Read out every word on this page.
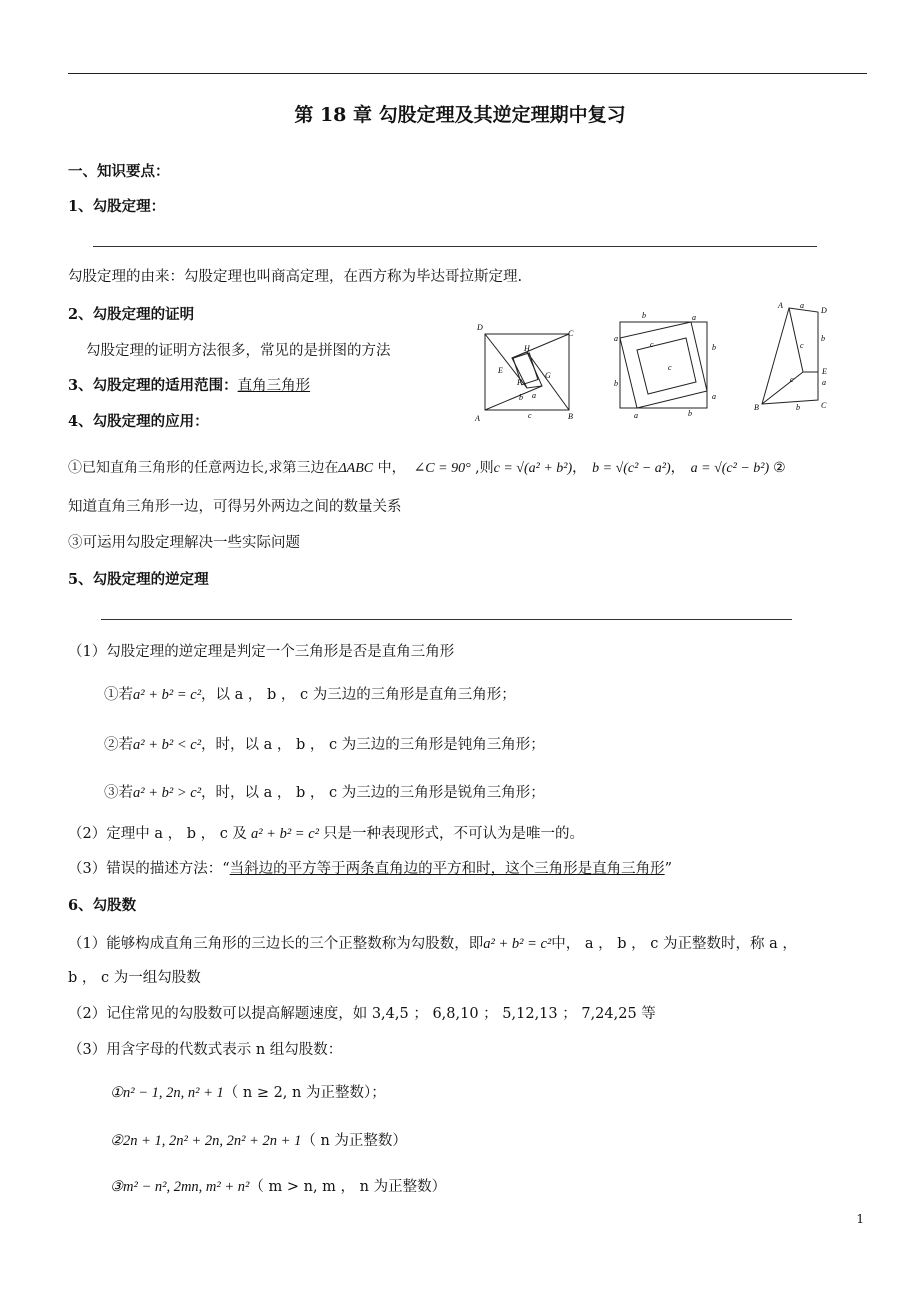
第 18 章 勾股定理及其逆定理期中复习
一、知识要点：
1、勾股定理：
勾股定理的由来：勾股定理也叫商高定理，在西方称为毕达哥拉斯定理.
2、勾股定理的证明
勾股定理的证明方法很多，常见的是拼图的方法
3、勾股定理的适用范围：直角三角形
4、勾股定理的应用：
D
C
H
E
F
G
a
b
c
A	B
b	a
a
c	b
c
b
a
a	b
A a
D
b
c
c
E
a
B	b	C
①已知直角三角形的任意两边长,求第三边在ΔABC 中， ∠C = 90° ,则c = √(a² + b²)， b = √(c² − a²)， a = √(c² − b²) ②
知道直角三角形一边，可得另外两边之间的数量关系
③可运用勾股定理解决一些实际问题
5、勾股定理的逆定理
（1）勾股定理的逆定理是判定一个三角形是否是直角三角形
①若a² + b² = c²，以 a ， b ， c 为三边的三角形是直角三角形；
②若a² + b² < c²，时，以 a ， b ， c 为三边的三角形是钝角三角形；
③若a² + b² > c²，时，以 a ， b ， c 为三边的三角形是锐角三角形；
（2）定理中 a ， b ， c 及 a² + b² = c² 只是一种表现形式，不可认为是唯一的。
（3）错误的描述方法：“当斜边的平方等于两条直角边的平方和时，这个三角形是直角三角形”
6、勾股数
（1）能够构成直角三角形的三边长的三个正整数称为勾股数，即a² + b² = c²中， a ， b ， c 为正整数时，称 a ，
b ， c 为一组勾股数
（2）记住常见的勾股数可以提高解题速度，如 3,4,5 ； 6,8,10 ； 5,12,13 ； 7,24,25 等
（3）用含字母的代数式表示 n 组勾股数：
①n² − 1, 2n, n² + 1（ n ≥ 2, n 为正整数）；
②2n + 1, 2n² + 2n, 2n² + 2n + 1（ n 为正整数）
③m² − n², 2mn, m² + n²（ m > n, m ， n 为正整数）
1
